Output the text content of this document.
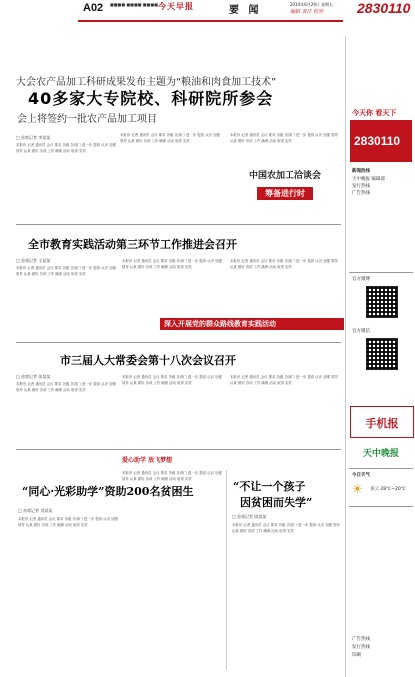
A02 ■■■■ ■■■■ ■■■■ 今天早报	要 闻
2014年6月29日 星期五
编辑 责任 校对 2830110
大会农产品加工科研成果发布主题为“粮油和肉食加工技术”
40多家大专院校、科研院所参会
会上将签约一批农产品加工项目
□ 首席记者 李某某
本报讯 记者 通讯员 会议 要求 各级 各部门 进一步 提高 认识 加强 领导 认真 做好 各项 工作 确保 活动 取得 实效
本报讯 记者 通讯员 会议 要求 各级 各部门 进一步 提高 认识 加强 领导 认真 做好 各项 工作 确保 活动 取得 实效
本报讯 记者 通讯员 会议 要求 各级 各部门 进一步 提高 认识 加强 领导 认真 做好 各项 工作 确保 活动 取得 实效
中国农加工洽谈会
筹备进行时
全市教育实践活动第三环节工作推进会召开
□ 首席记者 王某某
本报讯 记者 通讯员 会议 要求 各级 各部门 进一步 提高 认识 加强 领导 认真 做好 各项 工作 确保 活动 取得 实效
本报讯 记者 通讯员 会议 要求 各级 各部门 进一步 提高 认识 加强 领导 认真 做好 各项 工作 确保 活动 取得 实效
本报讯 记者 通讯员 会议 要求 各级 各部门 进一步 提高 认识 加强 领导 认真 做好 各项 工作 确保 活动 取得 实效
深入开展党的群众路线教育实践活动
市三届人大常委会第十八次会议召开
□ 首席记者 张某某
本报讯 记者 通讯员 会议 要求 各级 各部门 进一步 提高 认识 加强 领导 认真 做好 各项 工作 确保 活动 取得 实效
本报讯 记者 通讯员 会议 要求 各级 各部门 进一步 提高 认识 加强 领导 认真 做好 各项 工作 确保 活动 取得 实效
本报讯 记者 通讯员 会议 要求 各级 各部门 进一步 提高 认识 加强 领导 认真 做好 各项 工作 确保 活动 取得 实效
爱心助学 放飞梦想
“同心·光彩助学”资助200名贫困生
□ 首席记者 刘某某
本报讯 记者 通讯员 会议 要求 各级 各部门 进一步 提高 认识 加强 领导 认真 做好 各项 工作 确保 活动 取得 实效
本报讯 记者 通讯员 会议 要求 各级 各部门 进一步 提高 认识 加强 领导 认真 做好 各项 工作 确保 活动 取得 实效
“不让一个孩子
因贫困而失学”
□ 首席记者 陈某某
本报讯 记者 通讯员 会议 要求 各级 各部门 进一步 提高 认识 加强 领导 认真 做好 各项 工作 确保 活动 取得 实效
今天你 看天下
2830110
新闻热线
天中晚报 编辑部
发行热线
广告热线
官方微博
官方微信
手机报
天中晚报
今日天气
☀ 多云 28℃~20℃
广告热线
发行热线
印刷
